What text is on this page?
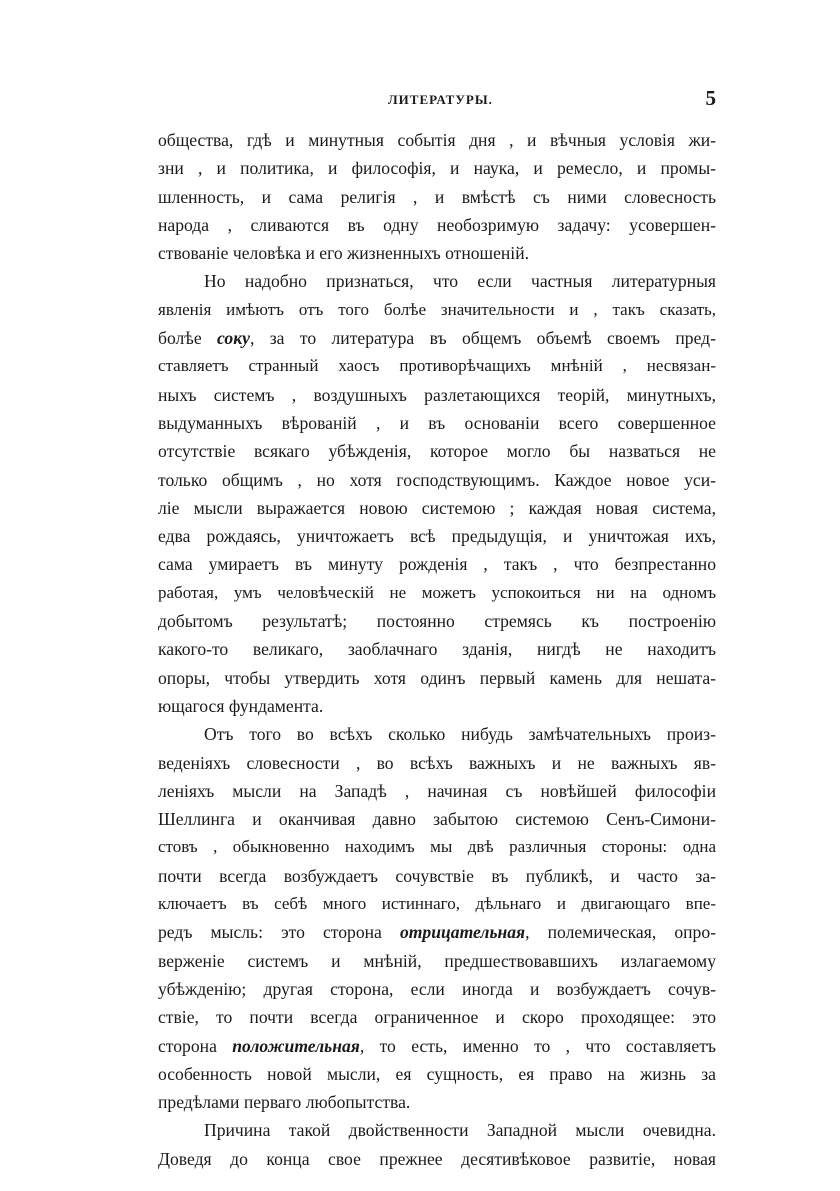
ЛИТЕРАТУРЫ.	5
общества, гдѣ и минутныя событія дня , и вѣчныя условія жи-
зни , и политика, и философія, и наука, и ремесло, и промы-
шленность, и сама религія , и вмѣстѣ съ ними словесность
народа , сливаются въ одну необозримую задачу: усовершен-
ствованіе человѣка и его жизненныхъ отношеній.
Но надобно признаться, что если частныя литературныя
явленія имѣютъ отъ того болѣе значительности и , такъ сказать,
болѣе соку, за то литература въ общемъ объемѣ своемъ пред-
ставляетъ странный хаосъ противорѣчащихъ мнѣній , несвязан-
ныхъ системъ , воздушныхъ разлетающихся теорій, минутныхъ,
выдуманныхъ вѣрованій , и въ основаніи всего совершенное
отсутствіе всякаго убѣжденія, которое могло бы назваться не
только общимъ , но хотя господствующимъ. Каждое новое уси-
ліе мысли выражается новою системою ; каждая новая система,
едва рождаясь, уничтожаетъ всѣ предыдущія, и уничтожая ихъ,
сама умираетъ въ минуту рожденія , такъ , что безпрестанно
работая, умъ человѣческій не можетъ успокоиться ни на одномъ
добытомъ результатѣ; постоянно стремясь къ построенію
какого-то великаго, заоблачнаго зданія, нигдѣ не находитъ
опоры, чтобы утвердить хотя одинъ первый камень для нешата-
ющагося фундамента.
Отъ того во всѣхъ сколько нибудь замѣчательныхъ произ-
веденіяхъ словесности , во всѣхъ важныхъ и не важныхъ яв-
леніяхъ мысли на Западѣ , начиная съ новѣйшей философіи
Шеллинга и оканчивая давно забытою системою Сенъ-Симони-
стовъ , обыкновенно находимъ мы двѣ различныя стороны: одна
почти всегда возбуждаетъ сочувствіе въ публикѣ, и часто за-
ключаетъ въ себѣ много истиннаго, дѣльнаго и двигающаго впе-
редъ мысль: это сторона отрицательная, полемическая, опро-
верженіе системъ и мнѣній, предшествовавшихъ излагаемому
убѣжденію; другая сторона, если иногда и возбуждаетъ сочув-
ствіе, то почти всегда ограниченное и скоро проходящее: это
сторона положительная, то есть, именно то , что составляетъ
особенность новой мысли, ея сущность, ея право на жизнь за
предѣлами перваго любопытства.
Причина такой двойственности Западной мысли очевидна.
Доведя до конца свое прежнее десятивѣковое развитіе, новая
